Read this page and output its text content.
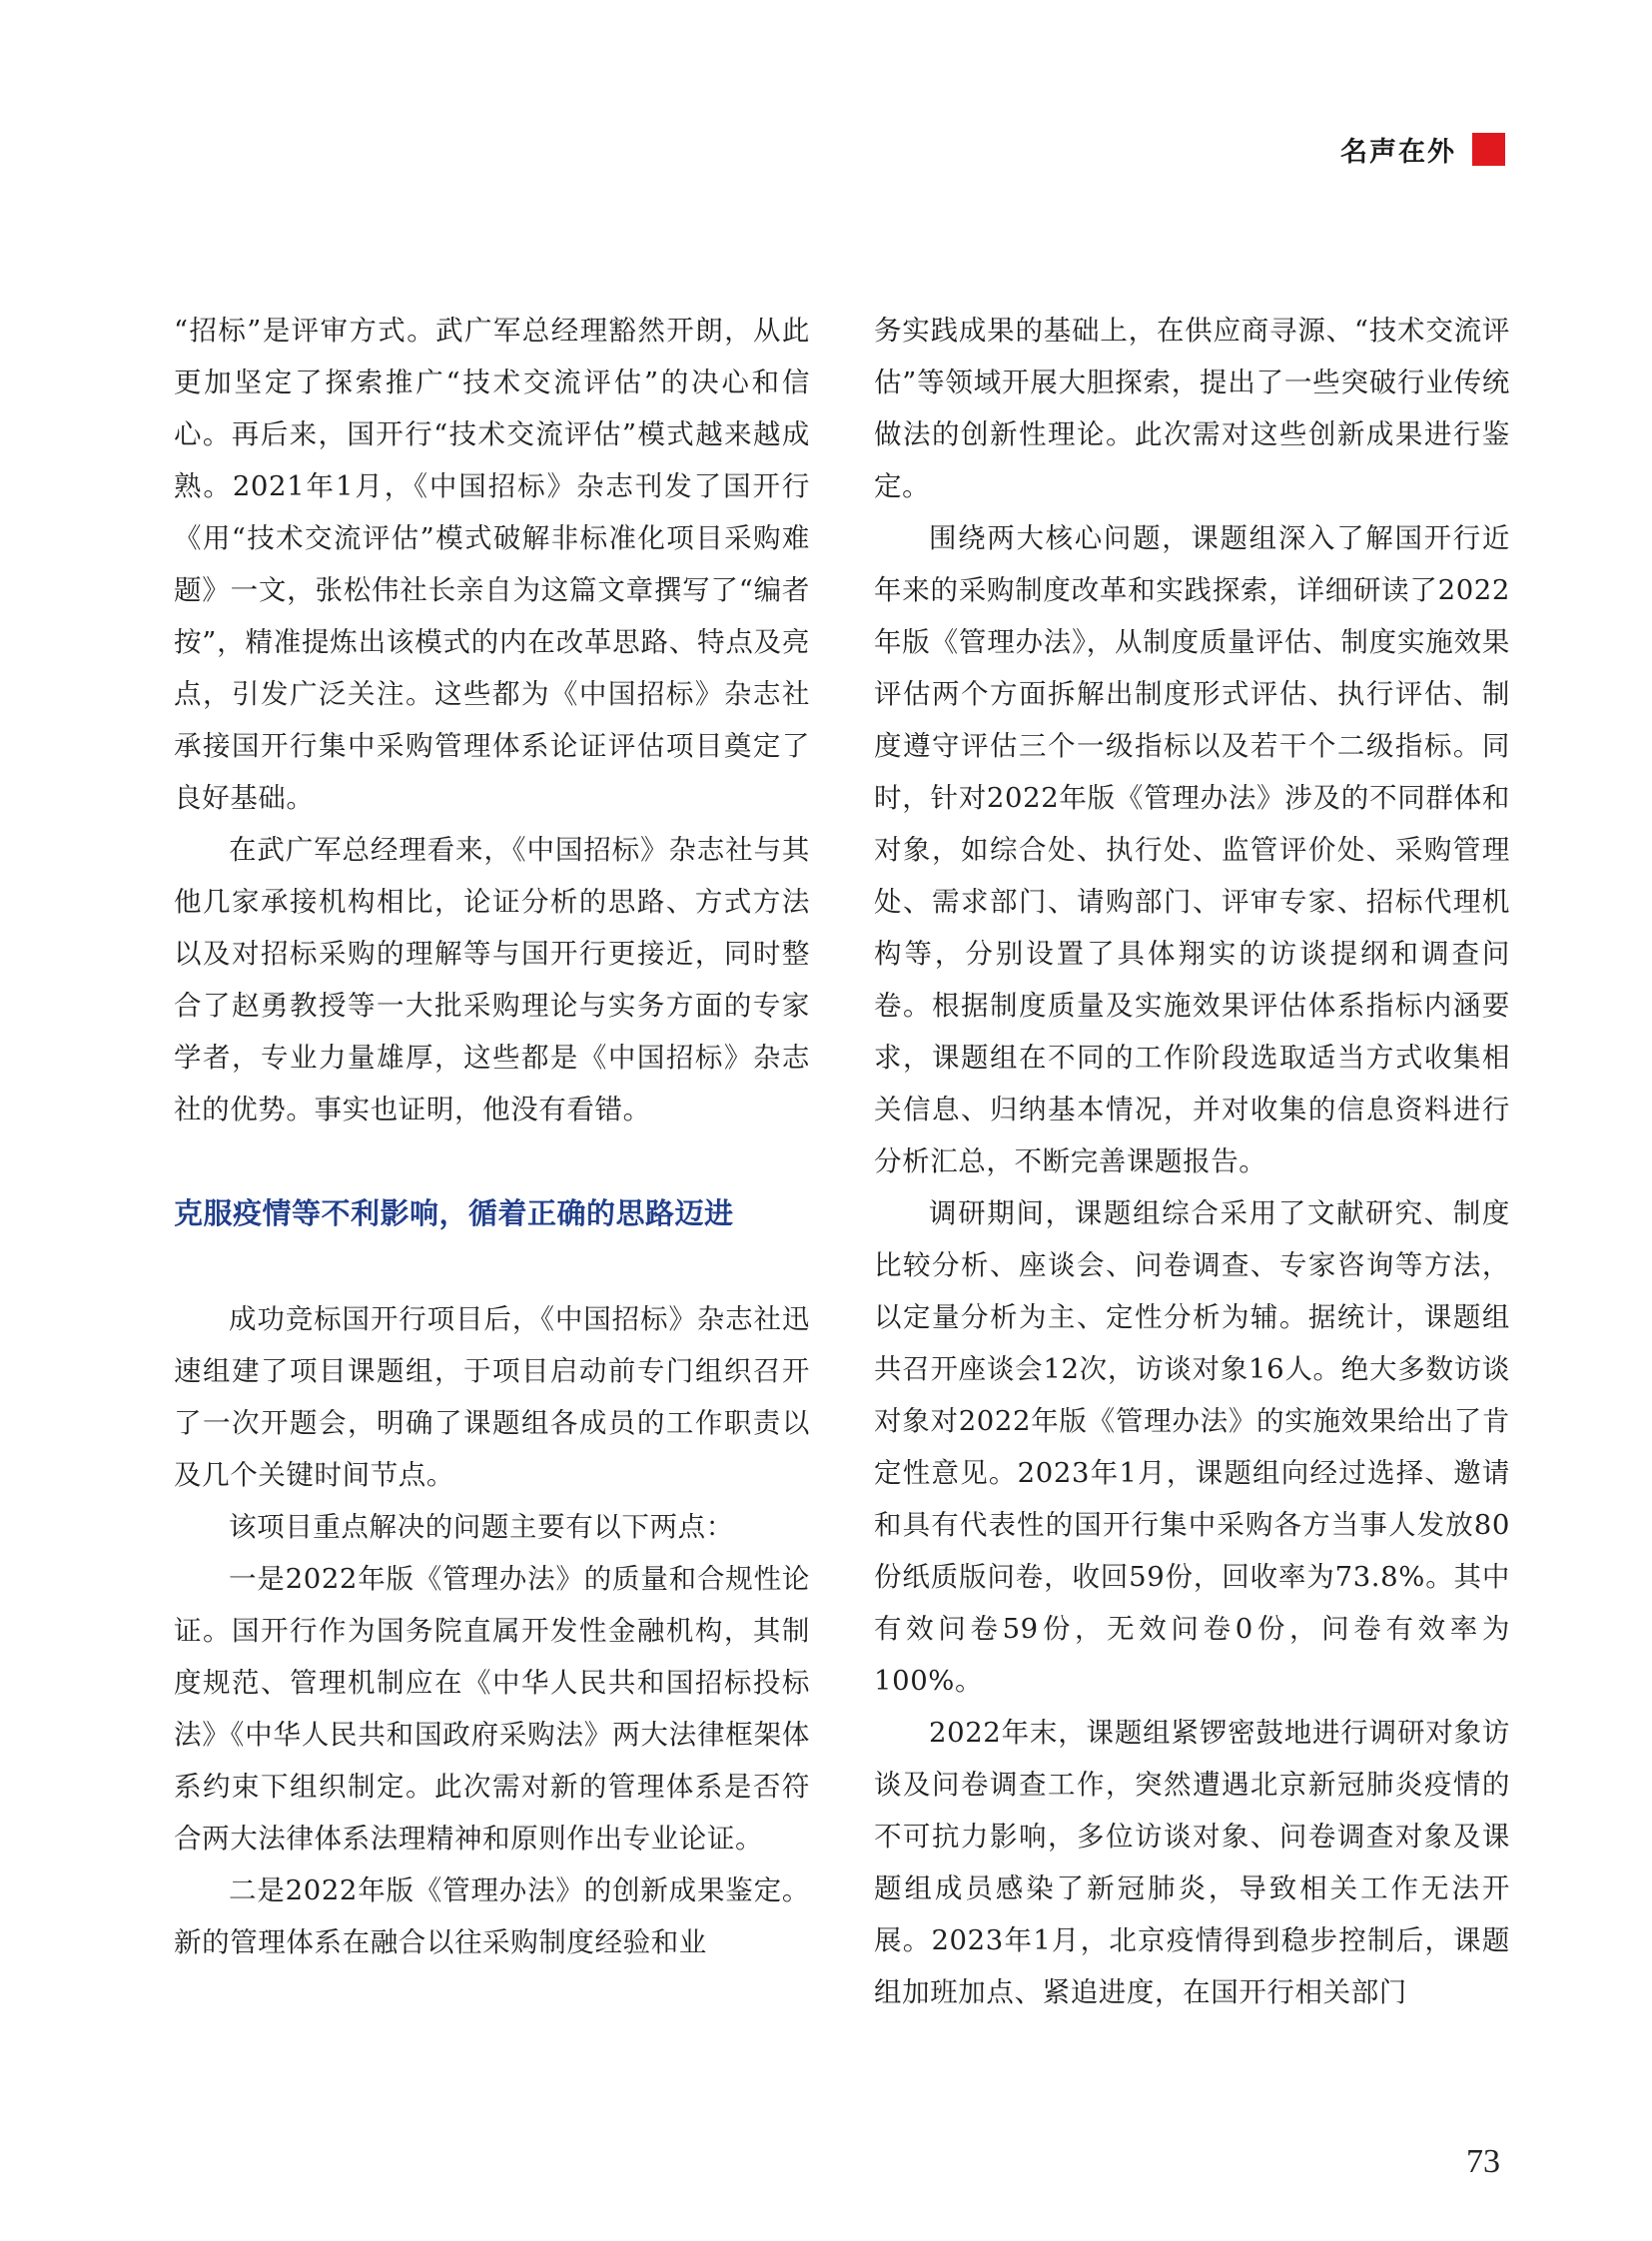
名声在外

“招标”是评审方式。武广军总经理豁然开朗，从此更加坚定了探索推广“技术交流评估”的决心和信心。再后来，国开行“技术交流评估”模式越来越成熟。2021年1月，《中国招标》杂志刊发了国开行《用“技术交流评估”模式破解非标准化项目采购难题》一文，张松伟社长亲自为这篇文章撰写了“编者按”，精准提炼出该模式的内在改革思路、特点及亮点，引发广泛关注。这些都为《中国招标》杂志社承接国开行集中采购管理体系论证评估项目奠定了良好基础。

在武广军总经理看来，《中国招标》杂志社与其他几家承接机构相比，论证分析的思路、方式方法以及对招标采购的理解等与国开行更接近，同时整合了赵勇教授等一大批采购理论与实务方面的专家学者，专业力量雄厚，这些都是《中国招标》杂志社的优势。事实也证明，他没有看错。

克服疫情等不利影响，循着正确的思路迈进

成功竞标国开行项目后，《中国招标》杂志社迅速组建了项目课题组，于项目启动前专门组织召开了一次开题会，明确了课题组各成员的工作职责以及几个关键时间节点。

该项目重点解决的问题主要有以下两点：

一是2022年版《管理办法》的质量和合规性论证。国开行作为国务院直属开发性金融机构，其制度规范、管理机制应在《中华人民共和国招标投标法》《中华人民共和国政府采购法》两大法律框架体系约束下组织制定。此次需对新的管理体系是否符合两大法律体系法理精神和原则作出专业论证。

二是2022年版《管理办法》的创新成果鉴定。新的管理体系在融合以往采购制度经验和业

务实践成果的基础上，在供应商寻源、“技术交流评估”等领域开展大胆探索，提出了一些突破行业传统做法的创新性理论。此次需对这些创新成果进行鉴定。

围绕两大核心问题，课题组深入了解国开行近年来的采购制度改革和实践探索，详细研读了2022年版《管理办法》，从制度质量评估、制度实施效果评估两个方面拆解出制度形式评估、执行评估、制度遵守评估三个一级指标以及若干个二级指标。同时，针对2022年版《管理办法》涉及的不同群体和对象，如综合处、执行处、监管评价处、采购管理处、需求部门、请购部门、评审专家、招标代理机构等，分别设置了具体翔实的访谈提纲和调查问卷。根据制度质量及实施效果评估体系指标内涵要求，课题组在不同的工作阶段选取适当方式收集相关信息、归纳基本情况，并对收集的信息资料进行分析汇总，不断完善课题报告。

调研期间，课题组综合采用了文献研究、制度比较分析、座谈会、问卷调查、专家咨询等方法，以定量分析为主、定性分析为辅。据统计，课题组共召开座谈会12次，访谈对象16人。绝大多数访谈对象对2022年版《管理办法》的实施效果给出了肯定性意见。2023年1月，课题组向经过选择、邀请和具有代表性的国开行集中采购各方当事人发放80份纸质版问卷，收回59份，回收率为73.8%。其中有效问卷59份，无效问卷0份，问卷有效率为100%。

2022年末，课题组紧锣密鼓地进行调研对象访谈及问卷调查工作，突然遭遇北京新冠肺炎疫情的不可抗力影响，多位访谈对象、问卷调查对象及课题组成员感染了新冠肺炎，导致相关工作无法开展。2023年1月，北京疫情得到稳步控制后，课题组加班加点、紧追进度，在国开行相关部门

73
